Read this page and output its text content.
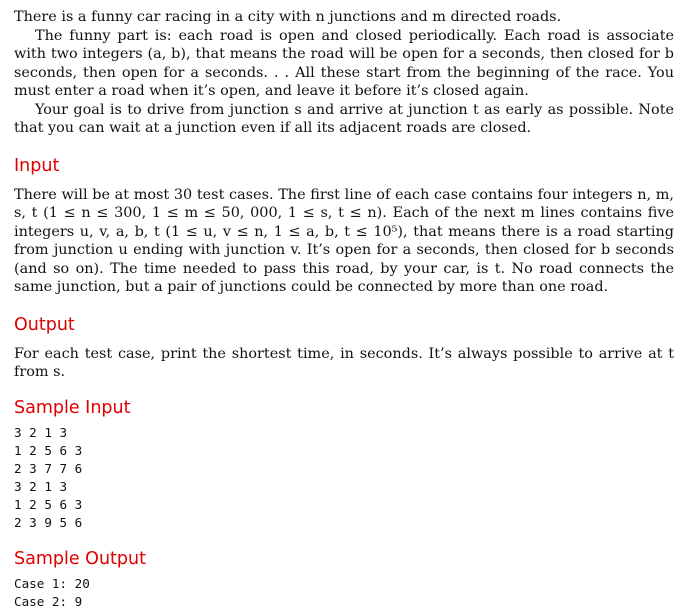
There is a funny car racing in a city with n junctions and m directed roads.

The funny part is: each road is open and closed periodically. Each road is associate with two integers (a, b), that means the road will be open for a seconds, then closed for b seconds, then open for a seconds. . . All these start from the beginning of the race. You must enter a road when it’s open, and leave it before it’s closed again.

Your goal is to drive from junction s and arrive at junction t as early as possible. Note that you can wait at a junction even if all its adjacent roads are closed.

Input

There will be at most 30 test cases. The first line of each case contains four integers n, m, s, t (1 ≤ n ≤ 300, 1 ≤ m ≤ 50, 000, 1 ≤ s, t ≤ n). Each of the next m lines contains five integers u, v, a, b, t (1 ≤ u, v ≤ n, 1 ≤ a, b, t ≤ 10⁵), that means there is a road starting from junction u ending with junction v. It’s open for a seconds, then closed for b seconds (and so on). The time needed to pass this road, by your car, is t. No road connects the same junction, but a pair of junctions could be connected by more than one road.

Output

For each test case, print the shortest time, in seconds. It’s always possible to arrive at t from s.

Sample Input
3 2 1 3
1 2 5 6 3
2 3 7 7 6
3 2 1 3
1 2 5 6 3
2 3 9 5 6
Sample Output
Case 1: 20
Case 2: 9
